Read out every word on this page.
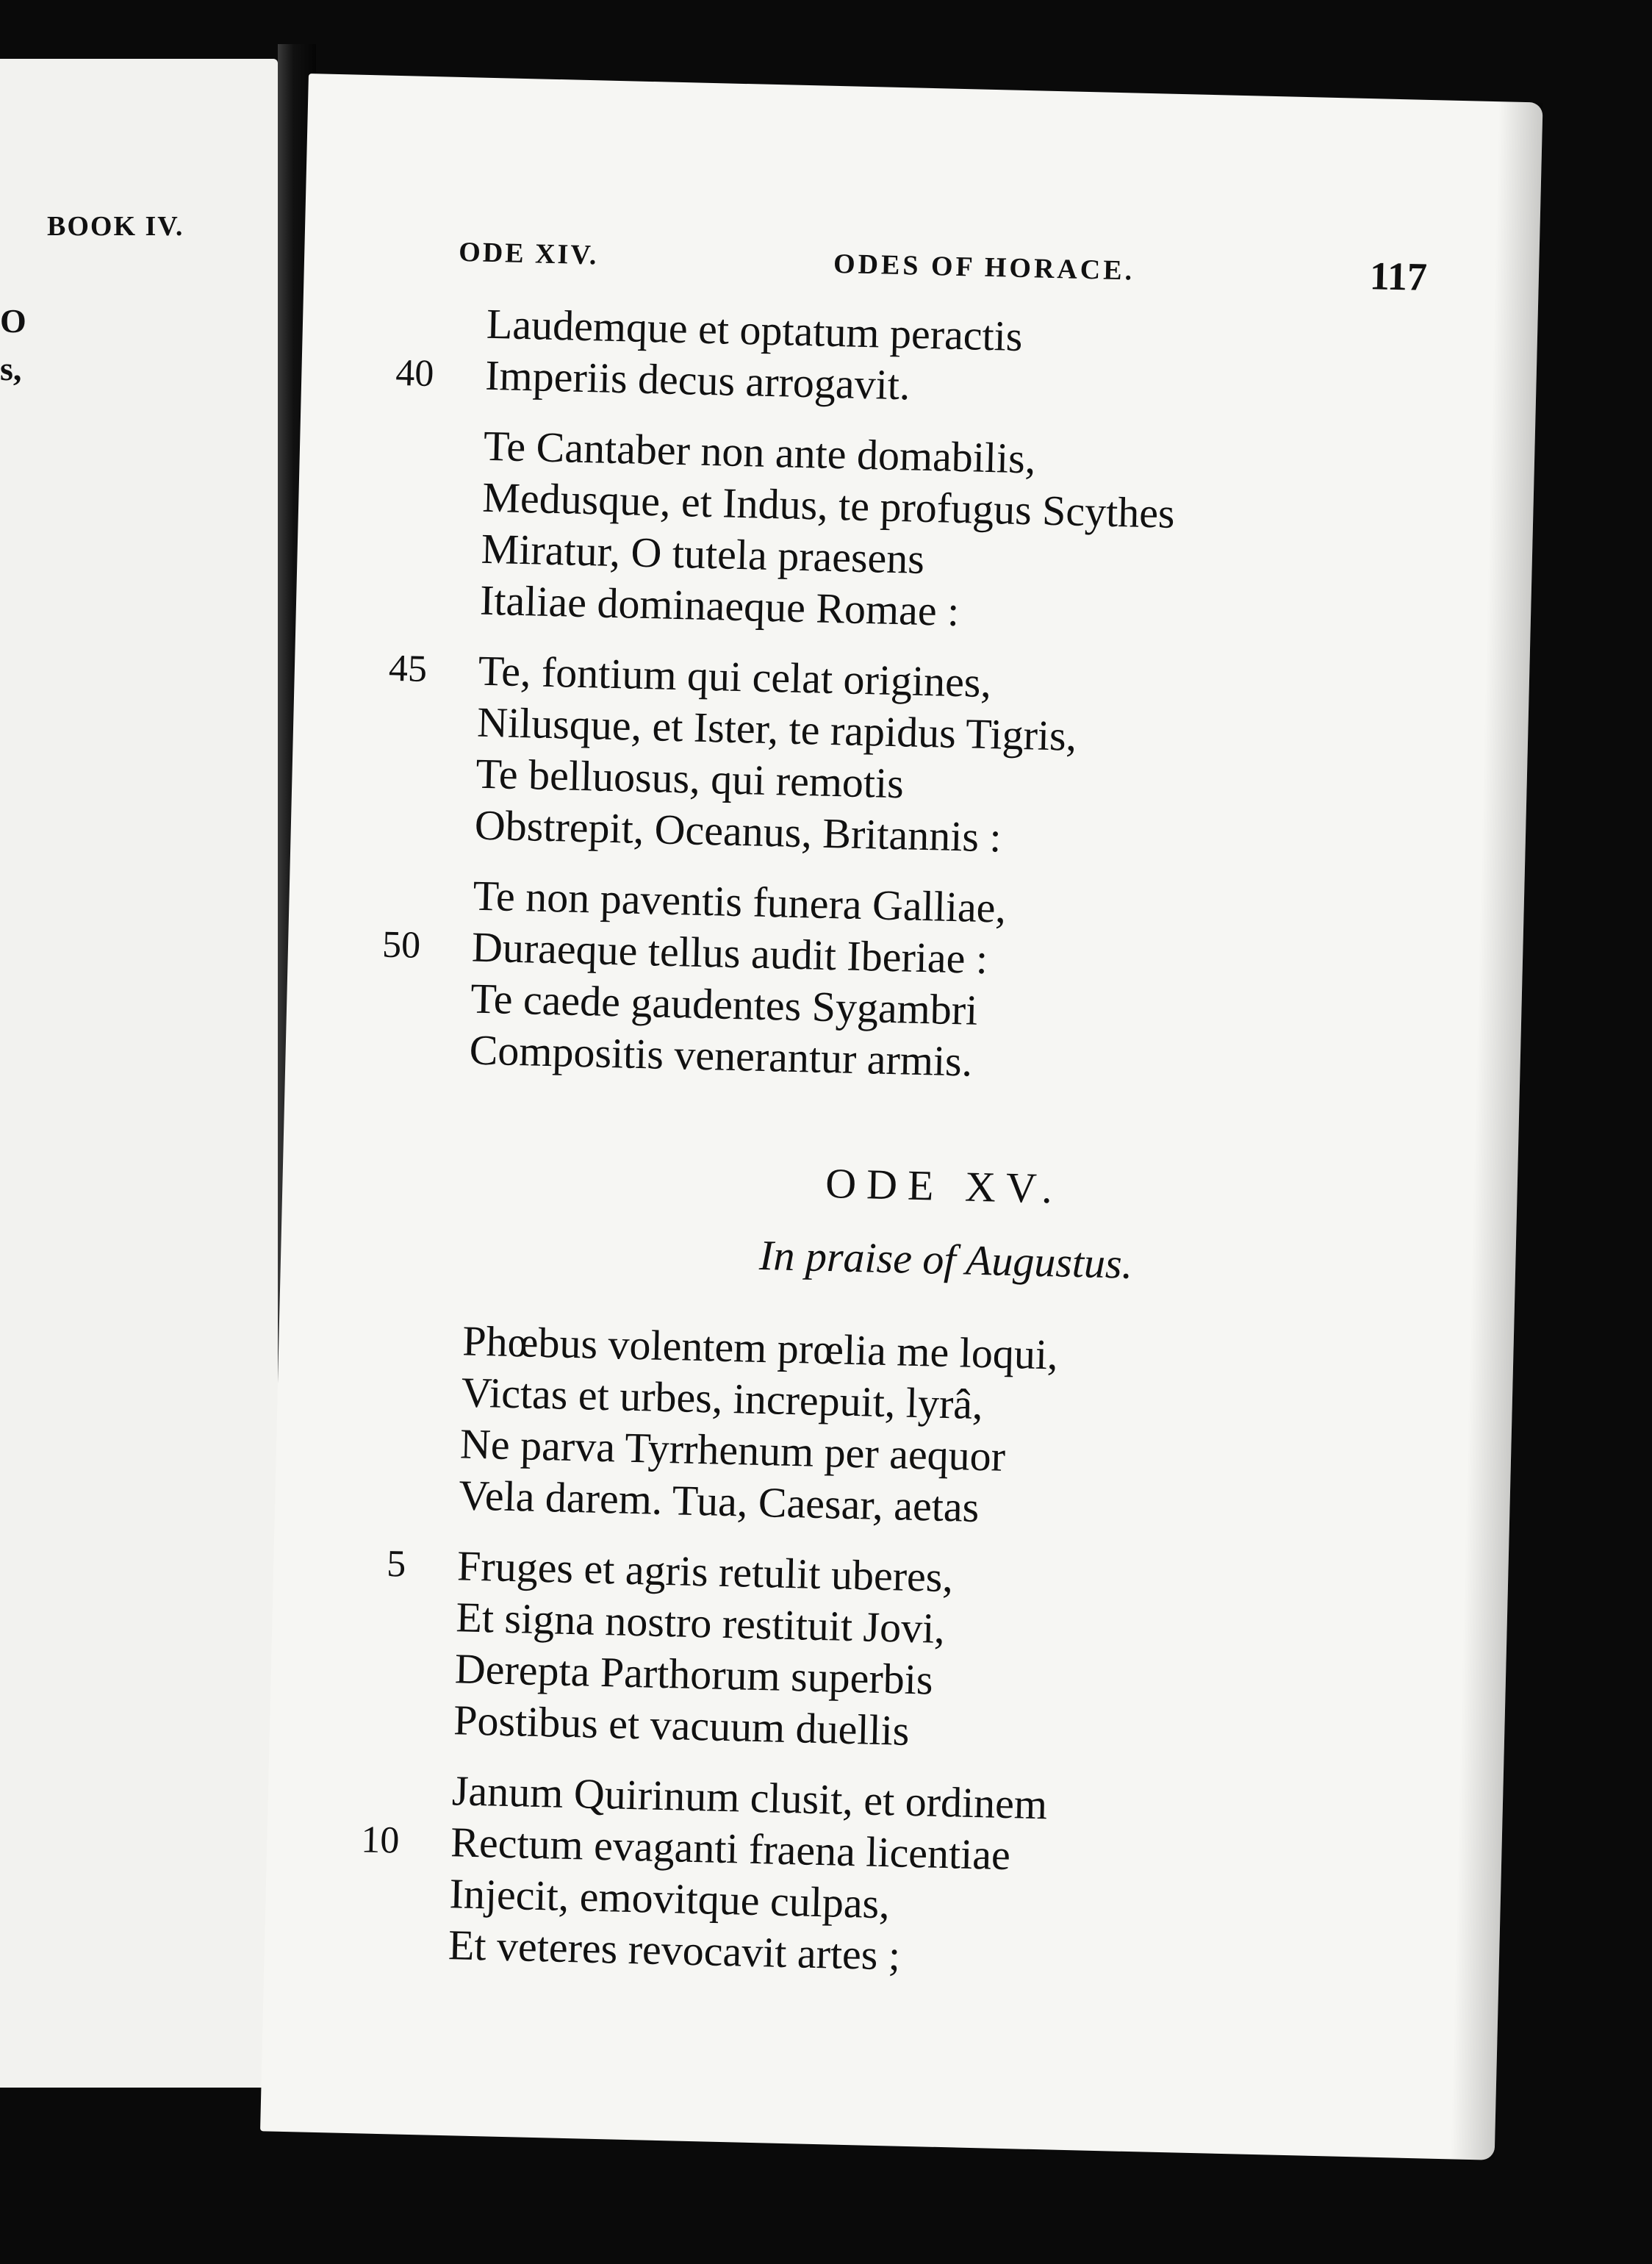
BOOK IV.
O
s,
ODE XIV.	ODES OF HORACE.	117
Laudemque et optatum peractis
40 Imperiis decus arrogavit.
Te Cantaber non ante domabilis,
Medusque, et Indus, te profugus Scythes
Miratur, O tutela praesens
Italiae dominaeque Romae :
45 Te, fontium qui celat origines,
Nilusque, et Ister, te rapidus Tigris,
Te belluosus, qui remotis
Obstrepit, Oceanus, Britannis :
Te non paventis funera Galliae,
50 Duraeque tellus audit Iberiae :
Te caede gaudentes Sygambri
Compositis venerantur armis.
ODE XV.
In praise of Augustus.
Phœbus volentem prœlia me loqui,
Victas et urbes, increpuit, lyrâ,
Ne parva Tyrrhenum per aequor
Vela darem. Tua, Caesar, aetas
5 Fruges et agris retulit uberes,
Et signa nostro restituit Jovi,
Derepta Parthorum superbis
Postibus et vacuum duellis
Janum Quirinum clusit, et ordinem
10 Rectum evaganti fraena licentiae
Injecit, emovitque culpas,
Et veteres revocavit artes ;
